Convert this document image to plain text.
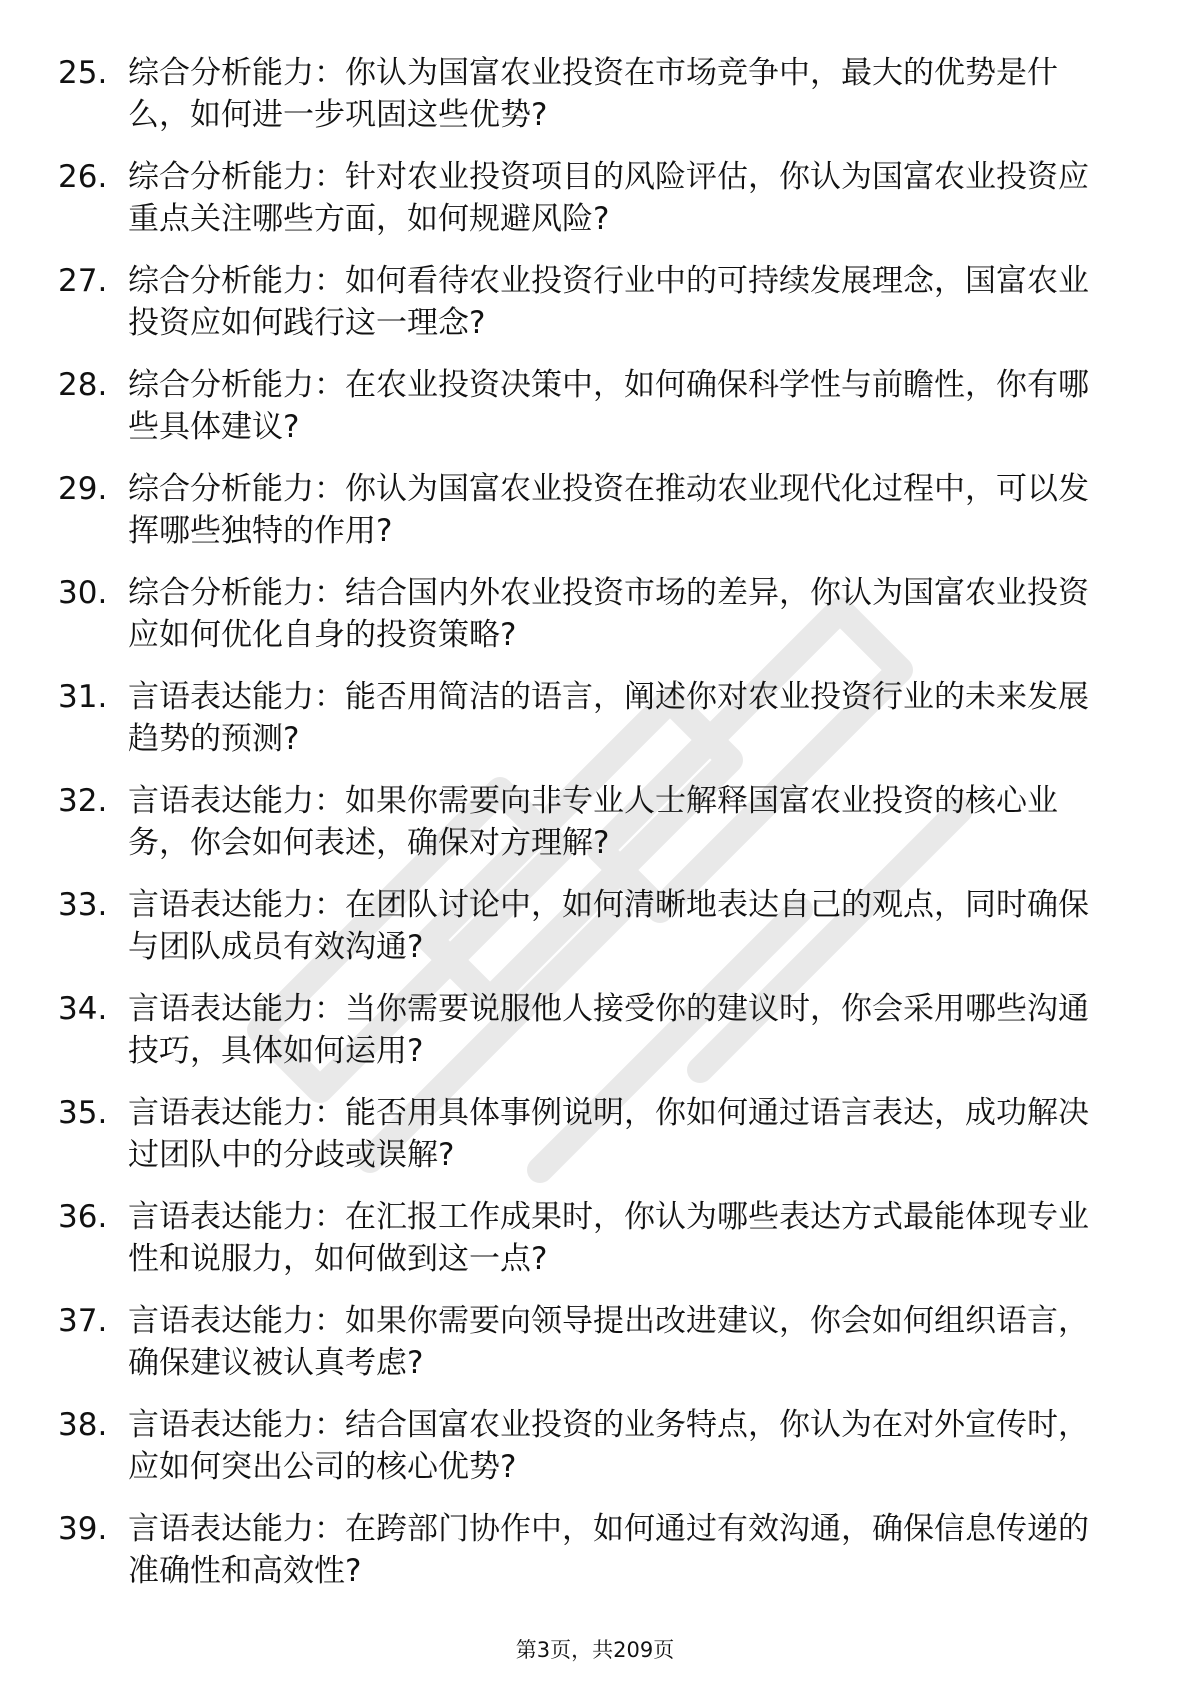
25. 综合分析能力：你认为国富农业投资在市场竞争中，最大的优势是什么，如何进一步巩固这些优势?
26. 综合分析能力：针对农业投资项目的风险评估，你认为国富农业投资应重点关注哪些方面，如何规避风险?
27. 综合分析能力：如何看待农业投资行业中的可持续发展理念，国富农业投资应如何践行这一理念?
28. 综合分析能力：在农业投资决策中，如何确保科学性与前瞻性，你有哪些具体建议?
29. 综合分析能力：你认为国富农业投资在推动农业现代化过程中，可以发挥哪些独特的作用?
30. 综合分析能力：结合国内外农业投资市场的差异，你认为国富农业投资应如何优化自身的投资策略?
31. 言语表达能力：能否用简洁的语言，阐述你对农业投资行业的未来发展趋势的预测?
32. 言语表达能力：如果你需要向非专业人士解释国富农业投资的核心业务，你会如何表述，确保对方理解?
33. 言语表达能力：在团队讨论中，如何清晰地表达自己的观点，同时确保与团队成员有效沟通?
34. 言语表达能力：当你需要说服他人接受你的建议时，你会采用哪些沟通技巧，具体如何运用?
35. 言语表达能力：能否用具体事例说明，你如何通过语言表达，成功解决过团队中的分歧或误解?
36. 言语表达能力：在汇报工作成果时，你认为哪些表达方式最能体现专业性和说服力，如何做到这一点?
37. 言语表达能力：如果你需要向领导提出改进建议，你会如何组织语言，确保建议被认真考虑?
38. 言语表达能力：结合国富农业投资的业务特点，你认为在对外宣传时，应如何突出公司的核心优势?
39. 言语表达能力：在跨部门协作中，如何通过有效沟通，确保信息传递的准确性和高效性?
第3页，共209页
